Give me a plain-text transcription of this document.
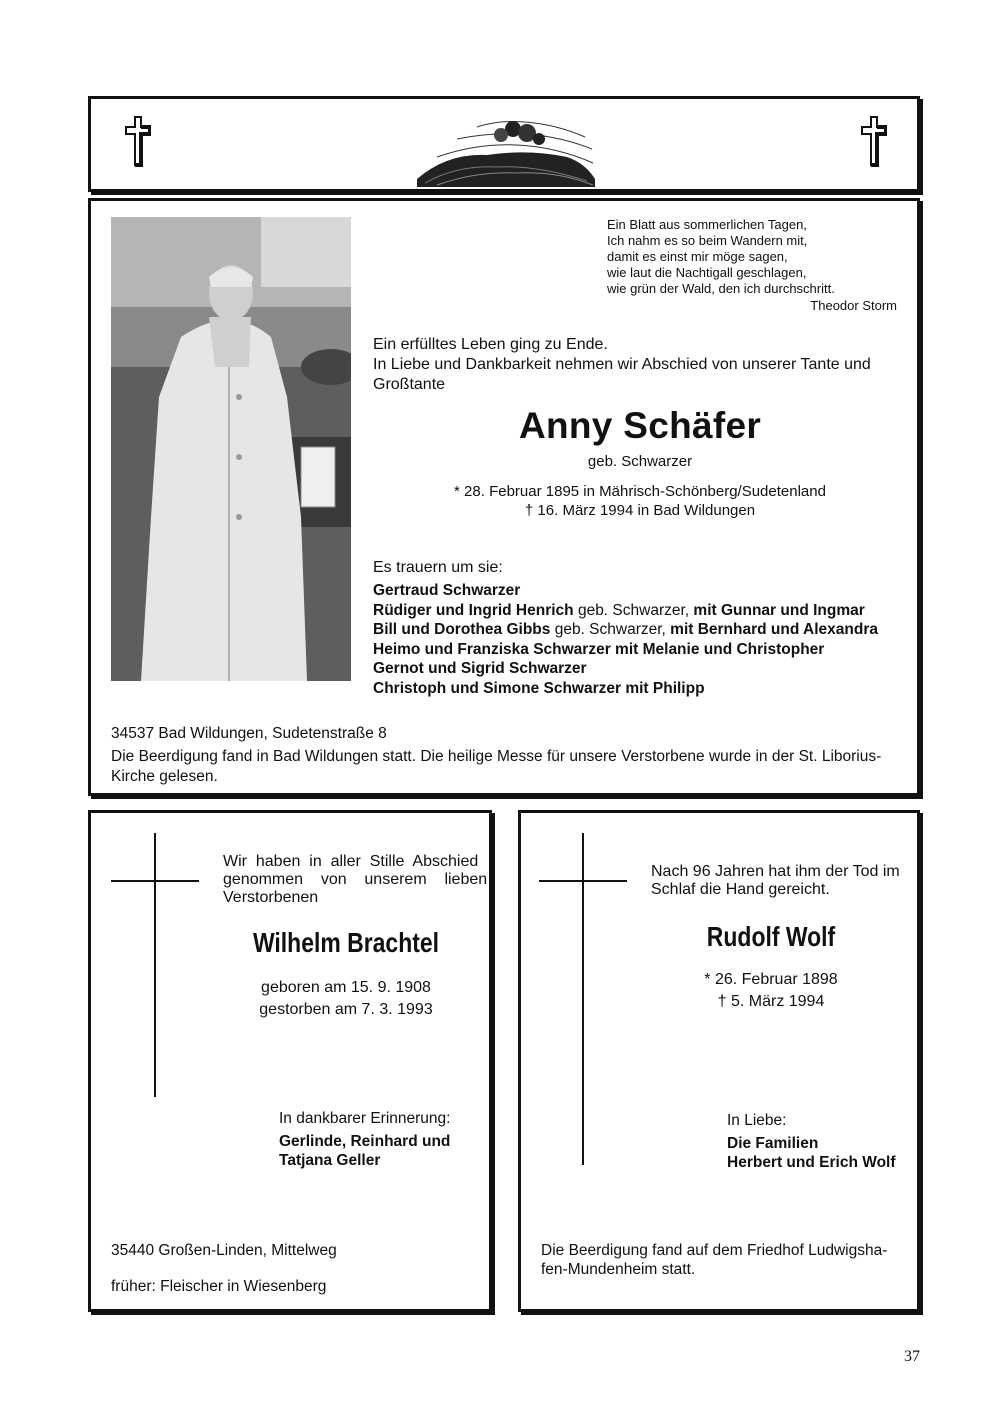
Ein Blatt aus sommerlichen Tagen,
Ich nahm es so beim Wandern mit,
damit es einst mir möge sagen,
wie laut die Nachtigall geschlagen,
wie grün der Wald, den ich durchschritt.
Theodor Storm
Ein erfülltes Leben ging zu Ende.
In Liebe und Dankbarkeit nehmen wir Abschied von unserer Tante und
Großtante
Anny Schäfer
geb. Schwarzer
* 28. Februar 1895 in Mährisch-Schönberg/Sudetenland
† 16. März 1994 in Bad Wildungen
Es trauern um sie:
Gertraud Schwarzer
Rüdiger und Ingrid Henrich geb. Schwarzer, mit Gunnar und Ingmar
Bill und Dorothea Gibbs geb. Schwarzer, mit Bernhard und Alexandra
Heimo und Franziska Schwarzer mit Melanie und Christopher
Gernot und Sigrid Schwarzer
Christoph und Simone Schwarzer mit Philipp
34537 Bad Wildungen, Sudetenstraße 8
Die Beerdigung fand in Bad Wildungen statt. Die heilige Messe für unsere Verstorbene wurde in der St. Liborius-
Kirche gelesen.
Wir  haben  in  aller  Stille  Abschied
genommen    von    unserem    lieben
Verstorbenen
Wilhelm Brachtel
geboren am 15. 9. 1908
gestorben am 7. 3. 1993
In dankbarer Erinnerung:
Gerlinde, Reinhard und
Tatjana Geller
35440 Großen-Linden, Mittelweg
früher: Fleischer in Wiesenberg
Nach 96 Jahren hat ihm der Tod im
Schlaf die Hand gereicht.
Rudolf Wolf
* 26. Februar 1898
† 5. März 1994
In Liebe:
Die Familien
Herbert und Erich Wolf
Die Beerdigung fand auf dem Friedhof Ludwigsha-
fen-Mundenheim statt.
37
